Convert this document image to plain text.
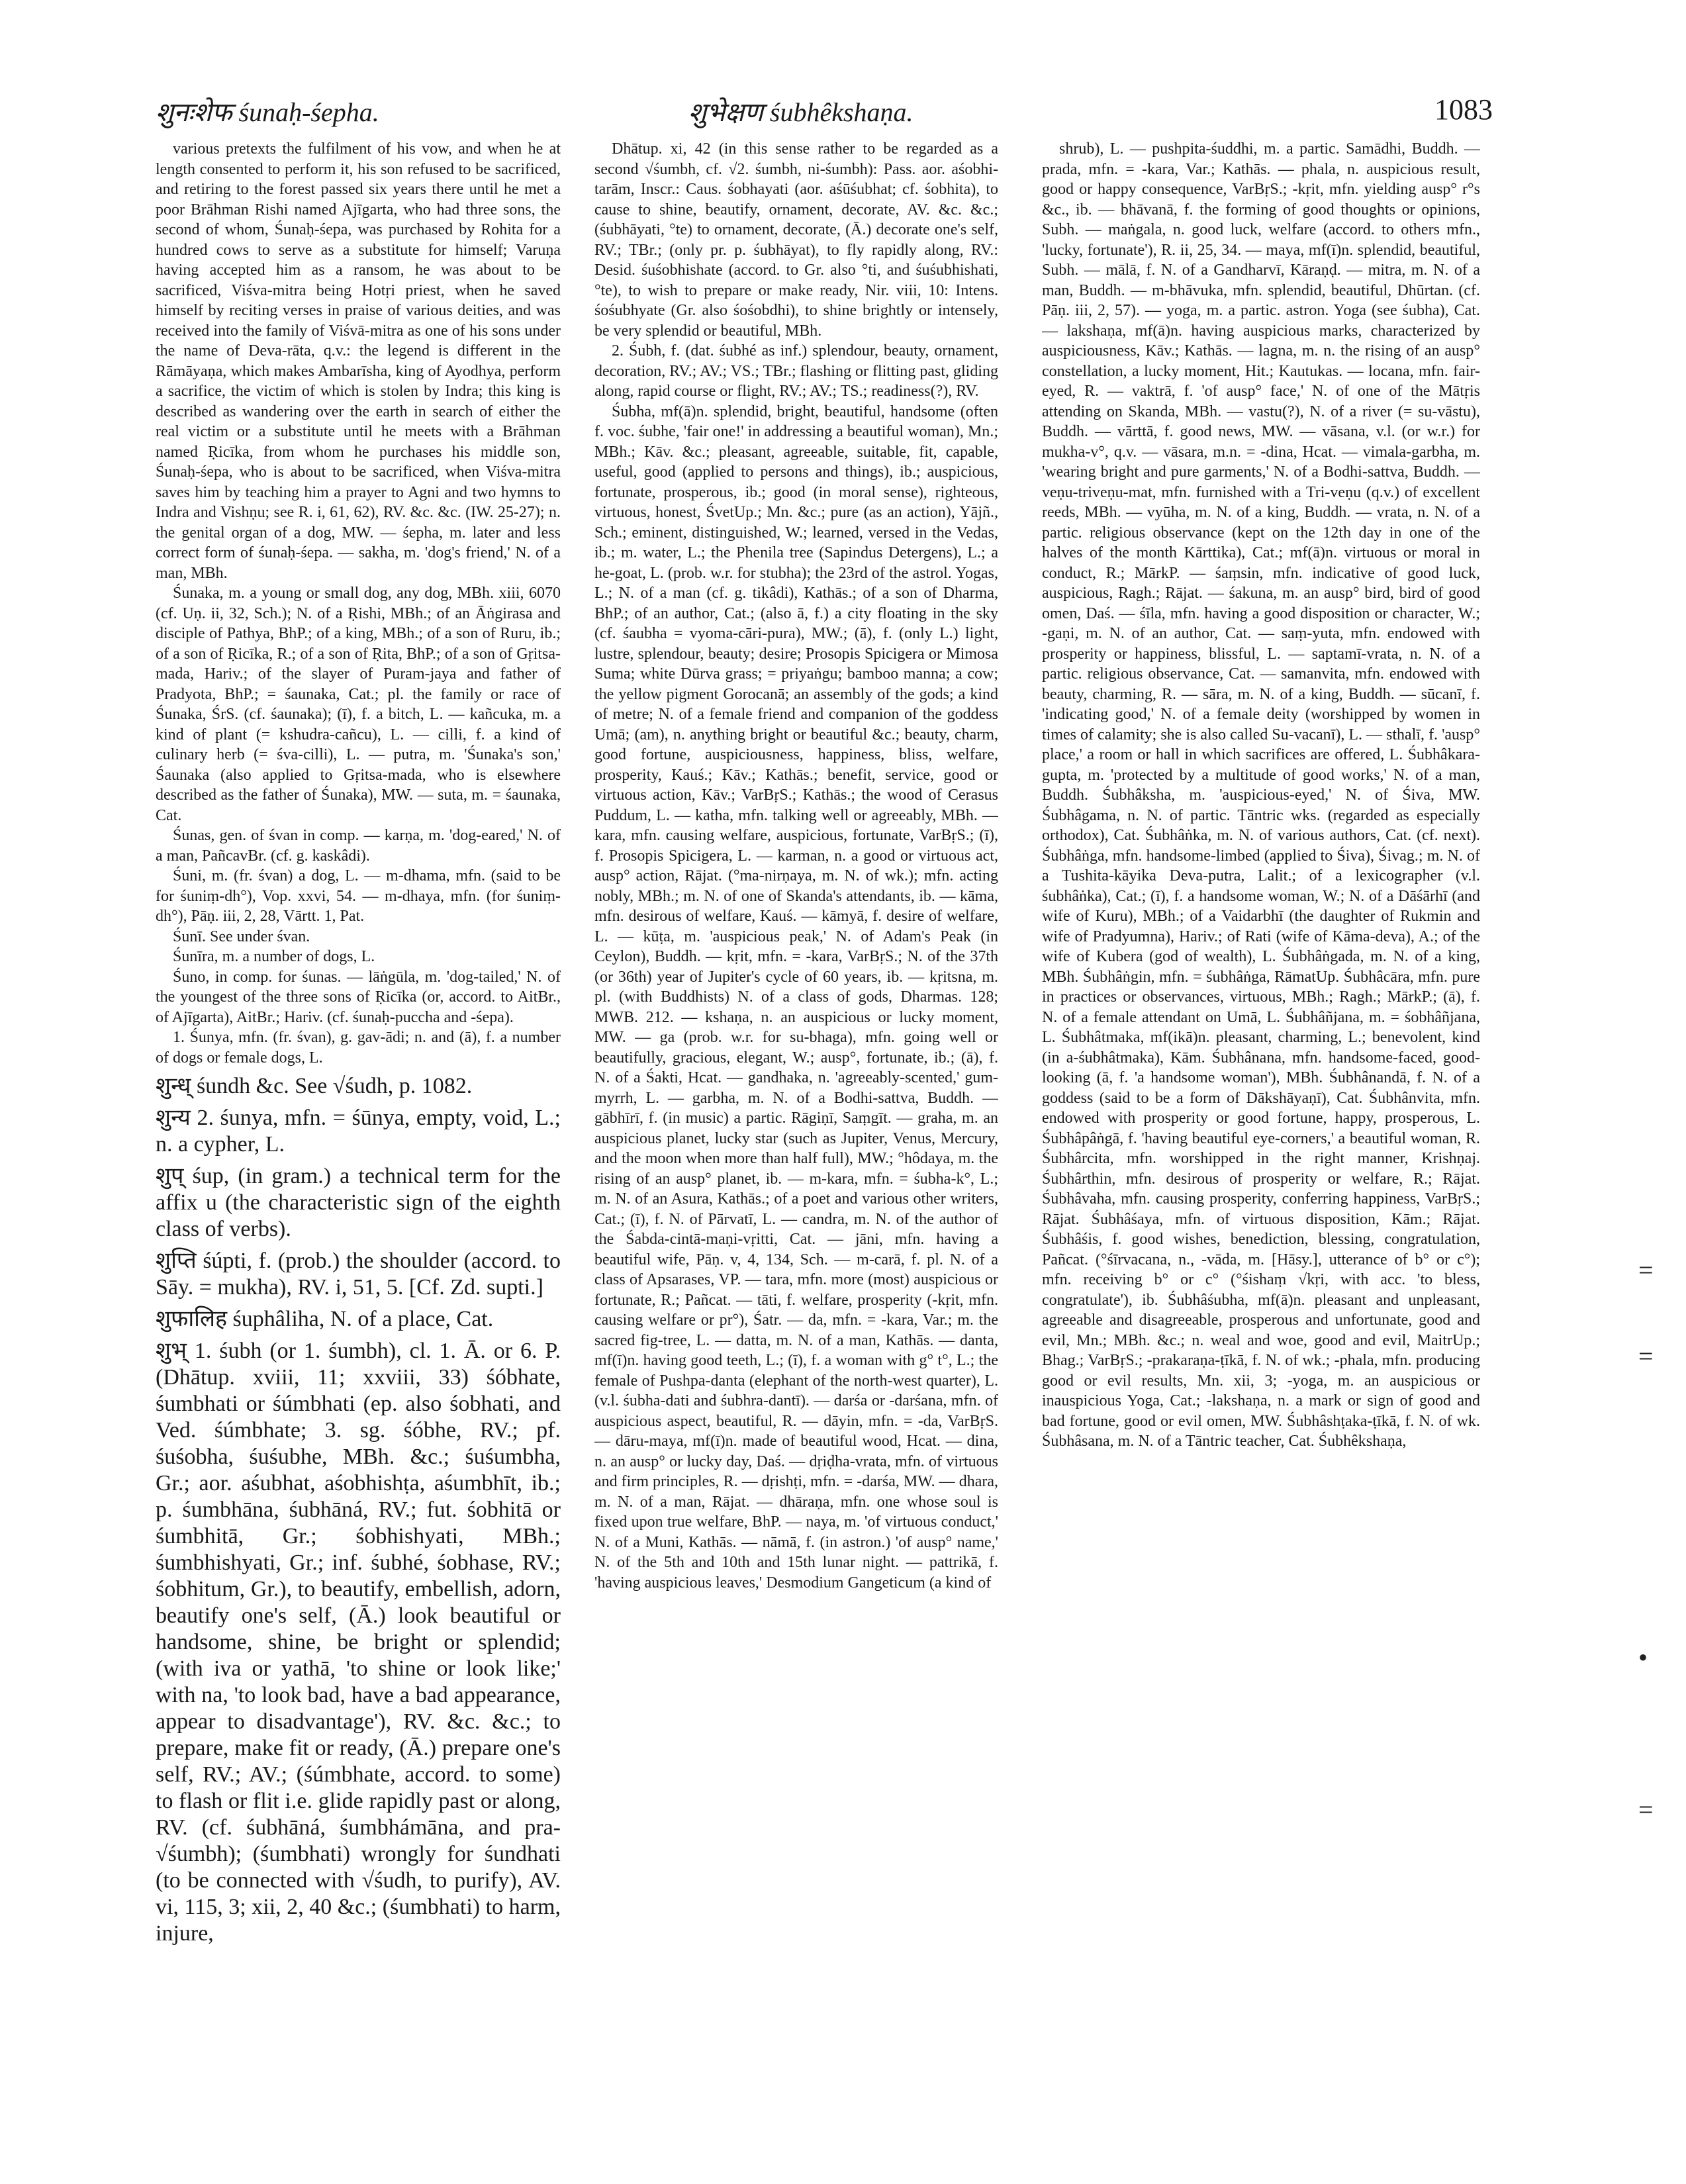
शुनःशेफ śunaḥ-śepha.	शुभेक्षण śubhêkshaṇa.	1083

various pretexts the fulfilment of his vow, and when he at length consented to perform it, his son refused to be sacrificed, and retiring to the forest passed six years there until he met a poor Brāhman Rishi named Ajīgarta, who had three sons, the second of whom, Śunaḥ-śepa, was purchased by Rohita for a hundred cows to serve as a substitute for himself; Varuṇa having accepted him as a ransom, he was about to be sacrificed, Viśva-mitra being Hotṛi priest, when he saved himself by reciting verses in praise of various deities, and was received into the family of Viśvā-mitra as one of his sons under the name of Deva-rāta, q.v.: the legend is different in the Rāmāyaṇa, which makes Ambarīsha, king of Ayodhya, perform a sacrifice, the victim of which is stolen by Indra; this king is described as wandering over the earth in search of either the real victim or a substitute until he meets with a Brāhman named Ṛicīka, from whom he purchases his middle son, Śunaḥ-śepa, who is about to be sacrificed, when Viśva-mitra saves him by teaching him a prayer to Agni and two hymns to Indra and Vishṇu; see R. i, 61, 62), RV. &c. &c. (IW. 25-27); n. the genital organ of a dog, MW. — śepha, m. later and less correct form of śunaḥ-śepa. — sakha, m. 'dog's friend,' N. of a man, MBh.

Śunaka, m. a young or small dog, any dog, MBh. xiii, 6070 (cf. Uṇ. ii, 32, Sch.); N. of a Ṛishi, MBh.; of an Āṅgirasa and disciple of Pathya, BhP.; of a king, MBh.; of a son of Ruru, ib.; of a son of Ṛicīka, R.; of a son of Ṛita, BhP.; of a son of Gṛitsa-mada, Hariv.; of the slayer of Puram-jaya and father of Pradyota, BhP.; = śaunaka, Cat.; pl. the family or race of Śunaka, ŚrS. (cf. śaunaka); (ī), f. a bitch, L. — kañcuka, m. a kind of plant (= kshudra-cañcu), L. — cilli, f. a kind of culinary herb (= śva-cilli), L. — putra, m. 'Śunaka's son,' Śaunaka (also applied to Gṛitsa-mada, who is elsewhere described as the father of Śunaka), MW. — suta, m. = śaunaka, Cat.

Śunas, gen. of śvan in comp. — karṇa, m. 'dog-eared,' N. of a man, PañcavBr. (cf. g. kaskâdi).

Śuni, m. (fr. śvan) a dog, L. — m-dhama, mfn. (said to be for śuniṃ-dh°), Vop. xxvi, 54. — m-dhaya, mfn. (for śuniṃ-dh°), Pāṇ. iii, 2, 28, Vārtt. 1, Pat.

Śunī. See under śvan.

Śunīra, m. a number of dogs, L.

Śuno, in comp. for śunas. — lāṅgūla, m. 'dog-tailed,' N. of the youngest of the three sons of Ṛicīka (or, accord. to AitBr., of Ajīgarta), AitBr.; Hariv. (cf. śunaḥ-puccha and -śepa).

1. Śunya, mfn. (fr. śvan), g. gav-ādi; n. and (ā), f. a number of dogs or female dogs, L.

शुन्ध् śundh &c. See √śudh, p. 1082.

शुन्य 2. śunya, mfn. = śūnya, empty, void, L.; n. a cypher, L.

शुप् śup, (in gram.) a technical term for the affix u (the characteristic sign of the eighth class of verbs).

शुप्ति śúpti, f. (prob.) the shoulder (accord. to Sāy. = mukha), RV. i, 51, 5. [Cf. Zd. supti.]

शुफालिह śuphâliha, N. of a place, Cat.

शुभ् 1. śubh (or 1. śumbh), cl. 1. Ā. or 6. P. (Dhātup. xviii, 11; xxviii, 33) śóbhate, śumbhati or śúmbhati (ep. also śobhati, and Ved. śúmbhate; 3. sg. śóbhe, RV.; pf. śuśobha, śuśubhe, MBh. &c.; śuśumbha, Gr.; aor. aśubhat, aśobhishṭa, aśumbhīt, ib.; p. śumbhāna, śubhāná, RV.; fut. śobhitā or śumbhitā, Gr.; śobhishyati, MBh.; śumbhishyati, Gr.; inf. śubhé, śobhase, RV.; śobhitum, Gr.), to beautify, embellish, adorn, beautify one's self, (Ā.) look beautiful or handsome, shine, be bright or splendid; (with iva or yathā, 'to shine or look like;' with na, 'to look bad, have a bad appearance, appear to disadvantage'), RV. &c. &c.; to prepare, make fit or ready, (Ā.) prepare one's self, RV.; AV.; (śúmbhate, accord. to some) to flash or flit i.e. glide rapidly past or along, RV. (cf. śubhāná, śumbhámāna, and pra-√śumbh); (śumbhati) wrongly for śundhati (to be connected with √śudh, to purify), AV. vi, 115, 3; xii, 2, 40 &c.; (śumbhati) to harm, injure,

Dhātup. xi, 42 (in this sense rather to be regarded as a second √śumbh, cf. √2. śumbh, ni-śumbh): Pass. aor. aśobhi-tarām, Inscr.: Caus. śobhayati (aor. aśūśubhat; cf. śobhita), to cause to shine, beautify, ornament, decorate, AV. &c. &c.; (śubhāyati, °te) to ornament, decorate, (Ā.) decorate one's self, RV.; TBr.; (only pr. p. śubhāyat), to fly rapidly along, RV.: Desid. śuśobhishate (accord. to Gr. also °ti, and śuśubhishati, °te), to wish to prepare or make ready, Nir. viii, 10: Intens. śośubhyate (Gr. also śośobdhi), to shine brightly or intensely, be very splendid or beautiful, MBh.

2. Śubh, f. (dat. śubhé as inf.) splendour, beauty, ornament, decoration, RV.; AV.; VS.; TBr.; flashing or flitting past, gliding along, rapid course or flight, RV.; AV.; TS.; readiness(?), RV.

Śubha, mf(ā)n. splendid, bright, beautiful, handsome (often f. voc. śubhe, 'fair one!' in addressing a beautiful woman), Mn.; MBh.; Kāv. &c.; pleasant, agreeable, suitable, fit, capable, useful, good (applied to persons and things), ib.; auspicious, fortunate, prosperous, ib.; good (in moral sense), righteous, virtuous, honest, ŚvetUp.; Mn. &c.; pure (as an action), Yājñ., Sch.; eminent, distinguished, W.; learned, versed in the Vedas, ib.; m. water, L.; the Phenila tree (Sapindus Detergens), L.; a he-goat, L. (prob. w.r. for stubha); the 23rd of the astrol. Yogas, L.; N. of a man (cf. g. tikâdi), Kathās.; of a son of Dharma, BhP.; of an author, Cat.; (also ā, f.) a city floating in the sky (cf. śaubha = vyoma-cāri-pura), MW.; (ā), f. (only L.) light, lustre, splendour, beauty; desire; Prosopis Spicigera or Mimosa Suma; white Dūrva grass; = priyaṅgu; bamboo manna; a cow; the yellow pigment Gorocanā; an assembly of the gods; a kind of metre; N. of a female friend and companion of the goddess Umā; (am), n. anything bright or beautiful &c.; beauty, charm, good fortune, auspiciousness, happiness, bliss, welfare, prosperity, Kauś.; Kāv.; Kathās.; benefit, service, good or virtuous action, Kāv.; VarBṛS.; Kathās.; the wood of Cerasus Puddum, L. — katha, mfn. talking well or agreeably, MBh. — kara, mfn. causing welfare, auspicious, fortunate, VarBṛS.; (ī), f. Prosopis Spicigera, L. — karman, n. a good or virtuous act, ausp° action, Rājat. (°ma-nirṇaya, m. N. of wk.); mfn. acting nobly, MBh.; m. N. of one of Skanda's attendants, ib. — kāma, mfn. desirous of welfare, Kauś. — kāmyā, f. desire of welfare, L. — kūṭa, m. 'auspicious peak,' N. of Adam's Peak (in Ceylon), Buddh. — kṛit, mfn. = -kara, VarBṛS.; N. of the 37th (or 36th) year of Jupiter's cycle of 60 years, ib. — kṛitsna, m. pl. (with Buddhists) N. of a class of gods, Dharmas. 128; MWB. 212. — kshaṇa, n. an auspicious or lucky moment, MW. — ga (prob. w.r. for su-bhaga), mfn. going well or beautifully, gracious, elegant, W.; ausp°, fortunate, ib.; (ā), f. N. of a Śakti, Hcat. — gandhaka, n. 'agreeably-scented,' gum-myrrh, L. — garbha, m. N. of a Bodhi-sattva, Buddh. — gābhīrī, f. (in music) a partic. Rāgiṇī, Saṃgīt. — graha, m. an auspicious planet, lucky star (such as Jupiter, Venus, Mercury, and the moon when more than half full), MW.; °hôdaya, m. the rising of an ausp° planet, ib. — m-kara, mfn. = śubha-k°, L.; m. N. of an Asura, Kathās.; of a poet and various other writers, Cat.; (ī), f. N. of Pārvatī, L. — candra, m. N. of the author of the Śabda-cintā-maṇi-vṛitti, Cat. — jāni, mfn. having a beautiful wife, Pāṇ. v, 4, 134, Sch. — m-carā, f. pl. N. of a class of Apsarases, VP. — tara, mfn. more (most) auspicious or fortunate, R.; Pañcat. — tāti, f. welfare, prosperity (-kṛit, mfn. causing welfare or pr°), Śatr. — da, mfn. = -kara, Var.; m. the sacred fig-tree, L. — datta, m. N. of a man, Kathās. — danta, mf(ī)n. having good teeth, L.; (ī), f. a woman with g° t°, L.; the female of Pushpa-danta (elephant of the north-west quarter), L. (v.l. śubha-dati and śubhra-dantī). — darśa or -darśana, mfn. of auspicious aspect, beautiful, R. — dāyin, mfn. = -da, VarBṛS. — dāru-maya, mf(ī)n. made of beautiful wood, Hcat. — dina, n. an ausp° or lucky day, Daś. — dṛiḍha-vrata, mfn. of virtuous and firm principles, R. — dṛishṭi, mfn. = -darśa, MW. — dhara, m. N. of a man, Rājat. — dhāraṇa, mfn. one whose soul is fixed upon true welfare, BhP. — naya, m. 'of virtuous conduct,' N. of a Muni, Kathās. — nāmā, f. (in astron.) 'of ausp° name,' N. of the 5th and 10th and 15th lunar night. — pattrikā, f. 'having auspicious leaves,' Desmodium Gangeticum (a kind of

shrub), L. — pushpita-śuddhi, m. a partic. Samādhi, Buddh. — prada, mfn. = -kara, Var.; Kathās. — phala, n. auspicious result, good or happy consequence, VarBṛS.; -kṛit, mfn. yielding ausp° r°s &c., ib. — bhāvanā, f. the forming of good thoughts or opinions, Subh. — maṅgala, n. good luck, welfare (accord. to others mfn., 'lucky, fortunate'), R. ii, 25, 34. — maya, mf(ī)n. splendid, beautiful, Subh. — mālā, f. N. of a Gandharvī, Kāraṇḍ. — mitra, m. N. of a man, Buddh. — m-bhāvuka, mfn. splendid, beautiful, Dhūrtan. (cf. Pāṇ. iii, 2, 57). — yoga, m. a partic. astron. Yoga (see śubha), Cat. — lakshaṇa, mf(ā)n. having auspicious marks, characterized by auspiciousness, Kāv.; Kathās. — lagna, m. n. the rising of an ausp° constellation, a lucky moment, Hit.; Kautukas. — locana, mfn. fair-eyed, R. — vaktrā, f. 'of ausp° face,' N. of one of the Mātṛis attending on Skanda, MBh. — vastu(?), N. of a river (= su-vāstu), Buddh. — vārttā, f. good news, MW. — vāsana, v.l. (or w.r.) for mukha-v°, q.v. — vāsara, m.n. = -dina, Hcat. — vimala-garbha, m. 'wearing bright and pure garments,' N. of a Bodhi-sattva, Buddh. — veṇu-triveṇu-mat, mfn. furnished with a Tri-veṇu (q.v.) of excellent reeds, MBh. — vyūha, m. N. of a king, Buddh. — vrata, n. N. of a partic. religious observance (kept on the 12th day in one of the halves of the month Kārttika), Cat.; mf(ā)n. virtuous or moral in conduct, R.; MārkP. — śaṃsin, mfn. indicative of good luck, auspicious, Ragh.; Rājat. — śakuna, m. an ausp° bird, bird of good omen, Daś. — śīla, mfn. having a good disposition or character, W.; -gaṇi, m. N. of an author, Cat. — saṃ-yuta, mfn. endowed with prosperity or happiness, blissful, L. — saptamī-vrata, n. N. of a partic. religious observance, Cat. — samanvita, mfn. endowed with beauty, charming, R. — sāra, m. N. of a king, Buddh. — sūcanī, f. 'indicating good,' N. of a female deity (worshipped by women in times of calamity; she is also called Su-vacanī), L. — sthalī, f. 'ausp° place,' a room or hall in which sacrifices are offered, L. Śubhâkara-gupta, m. 'protected by a multitude of good works,' N. of a man, Buddh. Śubhâksha, m. 'auspicious-eyed,' N. of Śiva, MW. Śubhâgama, n. N. of partic. Tāntric wks. (regarded as especially orthodox), Cat. Śubhâṅka, m. N. of various authors, Cat. (cf. next). Śubhâṅga, mfn. handsome-limbed (applied to Śiva), Śivag.; m. N. of a Tushita-kāyika Deva-putra, Lalit.; of a lexicographer (v.l. śubhâṅka), Cat.; (ī), f. a handsome woman, W.; N. of a Dāśārhī (and wife of Kuru), MBh.; of a Vaidarbhī (the daughter of Rukmin and wife of Pradyumna), Hariv.; of Rati (wife of Kāma-deva), A.; of the wife of Kubera (god of wealth), L. Śubhâṅgada, m. N. of a king, MBh. Śubhâṅgin, mfn. = śubhâṅga, RāmatUp. Śubhâcāra, mfn. pure in practices or observances, virtuous, MBh.; Ragh.; MārkP.; (ā), f. N. of a female attendant on Umā, L. Śubhâñjana, m. = śobhâñjana, L. Śubhâtmaka, mf(ikā)n. pleasant, charming, L.; benevolent, kind (in a-śubhâtmaka), Kām. Śubhânana, mfn. handsome-faced, good-looking (ā, f. 'a handsome woman'), MBh. Śubhânandā, f. N. of a goddess (said to be a form of Dākshāyaṇī), Cat. Śubhânvita, mfn. endowed with prosperity or good fortune, happy, prosperous, L. Śubhâpâṅgā, f. 'having beautiful eye-corners,' a beautiful woman, R. Śubhârcita, mfn. worshipped in the right manner, Krishṇaj. Śubhârthin, mfn. desirous of prosperity or welfare, R.; Rājat. Śubhâvaha, mfn. causing prosperity, conferring happiness, VarBṛS.; Rājat. Śubhâśaya, mfn. of virtuous disposition, Kām.; Rājat. Śubhâśis, f. good wishes, benediction, blessing, congratulation, Pañcat. (°śīrvacana, n., -vāda, m. [Hāsy.], utterance of b° or c°); mfn. receiving b° or c° (°śishaṃ √kṛi, with acc. 'to bless, congratulate'), ib. Śubhâśubha, mf(ā)n. pleasant and unpleasant, agreeable and disagreeable, prosperous and unfortunate, good and evil, Mn.; MBh. &c.; n. weal and woe, good and evil, MaitrUp.; Bhag.; VarBṛS.; -prakaraṇa-ṭīkā, f. N. of wk.; -phala, mfn. producing good or evil results, Mn. xii, 3; -yoga, m. an auspicious or inauspicious Yoga, Cat.; -lakshaṇa, n. a mark or sign of good and bad fortune, good or evil omen, MW. Śubhâshṭaka-ṭīkā, f. N. of wk. Śubhâsana, m. N. of a Tāntric teacher, Cat. Śubhêkshaṇa,

=
=
•
=
